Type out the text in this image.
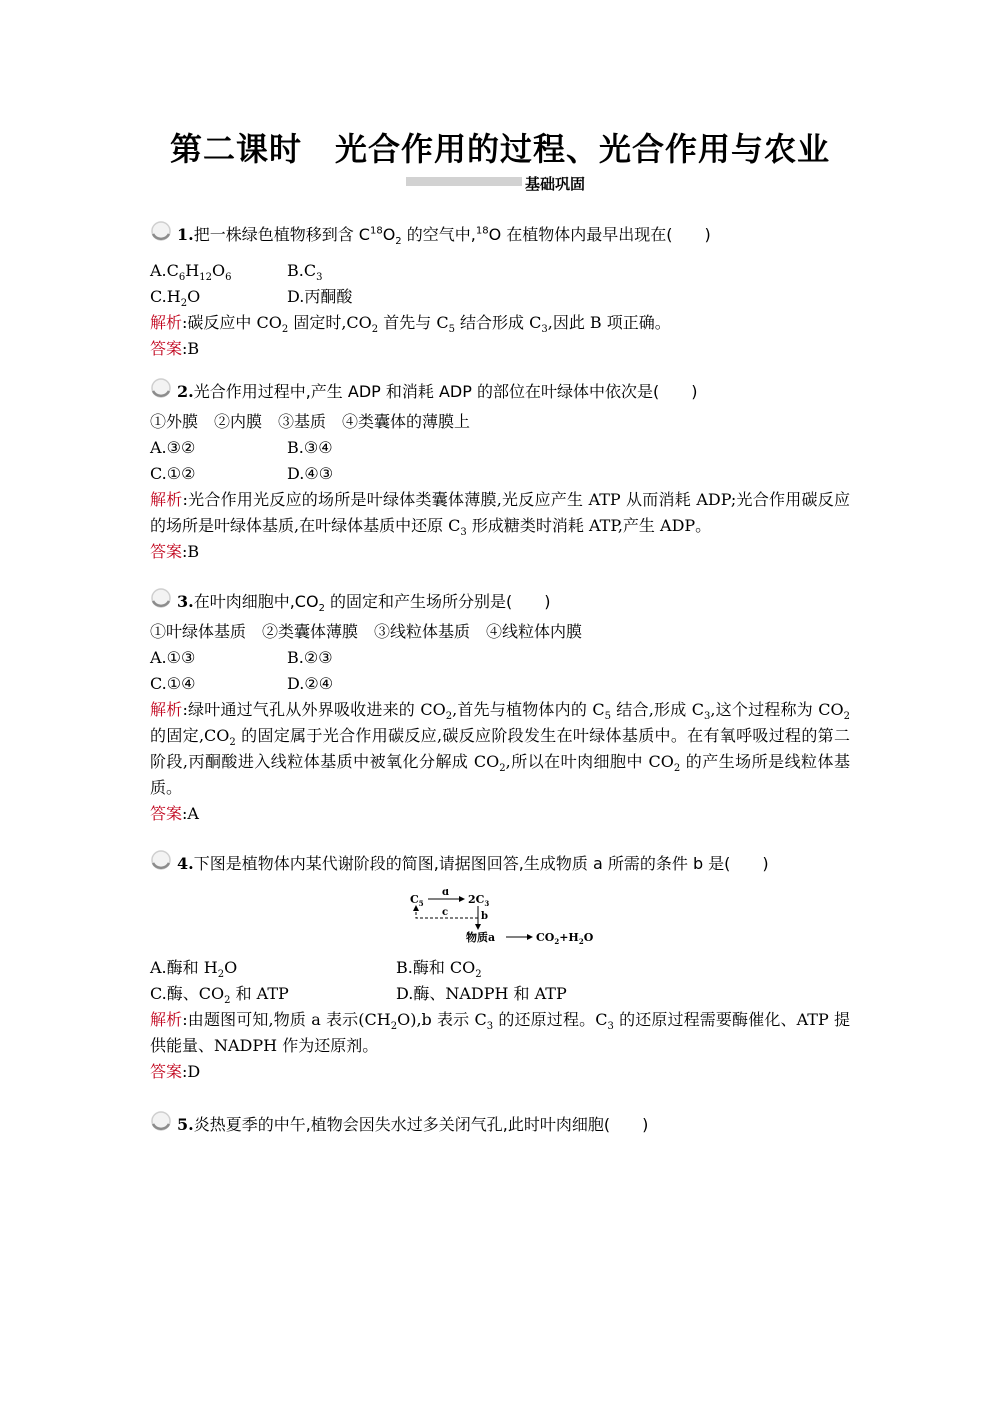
第二课时　光合作用的过程、光合作用与农业
基础巩固
1.把一株绿色植物移到含 $C^{18}O_2$ 的空气中,$^{18}$O 在植物体内最早出现在(　　)
$A.C_6H_{12}O_6$	$B.C_3$
$C.H_2O$	D.丙酮酸
解析:碳反应中 $CO_2$ 固定时$,CO_2$ 首先与 $C_5$ 结合形成 $C_3$,因此 B 项正确。
答案:B
2.光合作用过程中,产生 ADP 和消耗 ADP 的部位在叶绿体中依次是(　　)
①外膜　②内膜　③基质　④类囊体的薄膜上
A.③②	B.③④
C.①②	D.④③
解析:光合作用光反应的场所是叶绿体类囊体薄膜,光反应产生 ATP 从而消耗 ADP;光合作用碳反应的场所是叶绿体基质,在叶绿体基质中还原 $C_3$ 形成糖类时消耗 ATP,产生 ADP。
答案:B
3.在叶肉细胞中$,CO_2$ 的固定和产生场所分别是(　　)
①叶绿体基质　②类囊体薄膜　③线粒体基质　④线粒体内膜
A.①③	B.②③
C.①④	D.②④
解析:绿叶通过气孔从外界吸收进来的 $CO_2$,首先与植物体内的 $C_5$ 结合,形成 $C_3$,这个过程称为 $CO_2$ 的固定$,CO_2$ 的固定属于光合作用碳反应,碳反应阶段发生在叶绿体基质中。在有氧呼吸过程的第二阶段,丙酮酸进入线粒体基质中被氧化分解成 $CO_2$,所以在叶肉细胞中 $CO_2$ 的产生场所是线粒体基质。
答案:A
4.下图是植物体内某代谢阶段的简图,请据图回答,生成物质 a 所需的条件 b 是(　　)
$C_5$
d
$2C_3$
b
c
物质a	$CO_2+H_2O$
A.酶和 $H_2O$	B.酶和 $CO_2$
C.酶、$CO_2$ 和 ATP	D.酶、NADPH 和 ATP
解析:由题图可知,物质 a 表示$(CH_2O),b$ 表示 $C_3$ 的还原过程。$C_3$ 的还原过程需要酶催化、ATP 提供能量、NADPH 作为还原剂。
答案:D
5.炎热夏季的中午,植物会因失水过多关闭气孔,此时叶肉细胞(　　)
